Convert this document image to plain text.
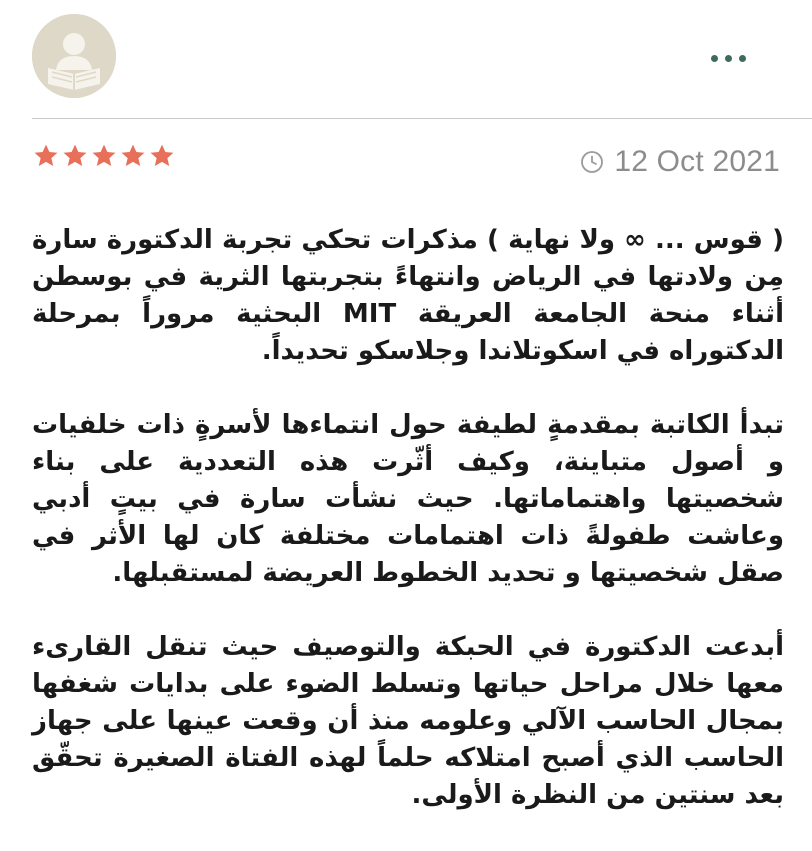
12 Oct 2021

( قوس ... ∞ ولا نهاية ) مذكرات تحكي تجربة الدكتورة سارة مِن ولادتها في الرياض وانتهاءً بتجربتها الثرية في بوسطن أثناء منحة الجامعة العريقة MIT البحثية مروراً بمرحلة الدكتوراه في اسكوتلاندا وجلاسكو تحديداً.

تبدأ الكاتبة بمقدمةٍ لطيفة حول انتماءها لأسرةٍ ذات خلفيات و أصول متباينة، وكيف أثّرت هذه التعددية على بناء شخصيتها واهتماماتها. حيث نشأت سارة في بيتٍ أدبي وعاشت طفولةً ذات اهتمامات مختلفة كان لها الأثر في صقل شخصيتها و تحديد الخطوط العريضة لمستقبلها.

أبدعت الدكتورة في الحبكة والتوصيف حيث تنقل القارىء معها خلال مراحل حياتها وتسلط الضوء على بدايات شغفها بمجال الحاسب الآلي وعلومه منذ أن وقعت عينها على جهاز الحاسب الذي أصبح امتلاكه حلماً لهذه الفتاة الصغيرة تحقّق بعد سنتين من النظرة الأولى.
